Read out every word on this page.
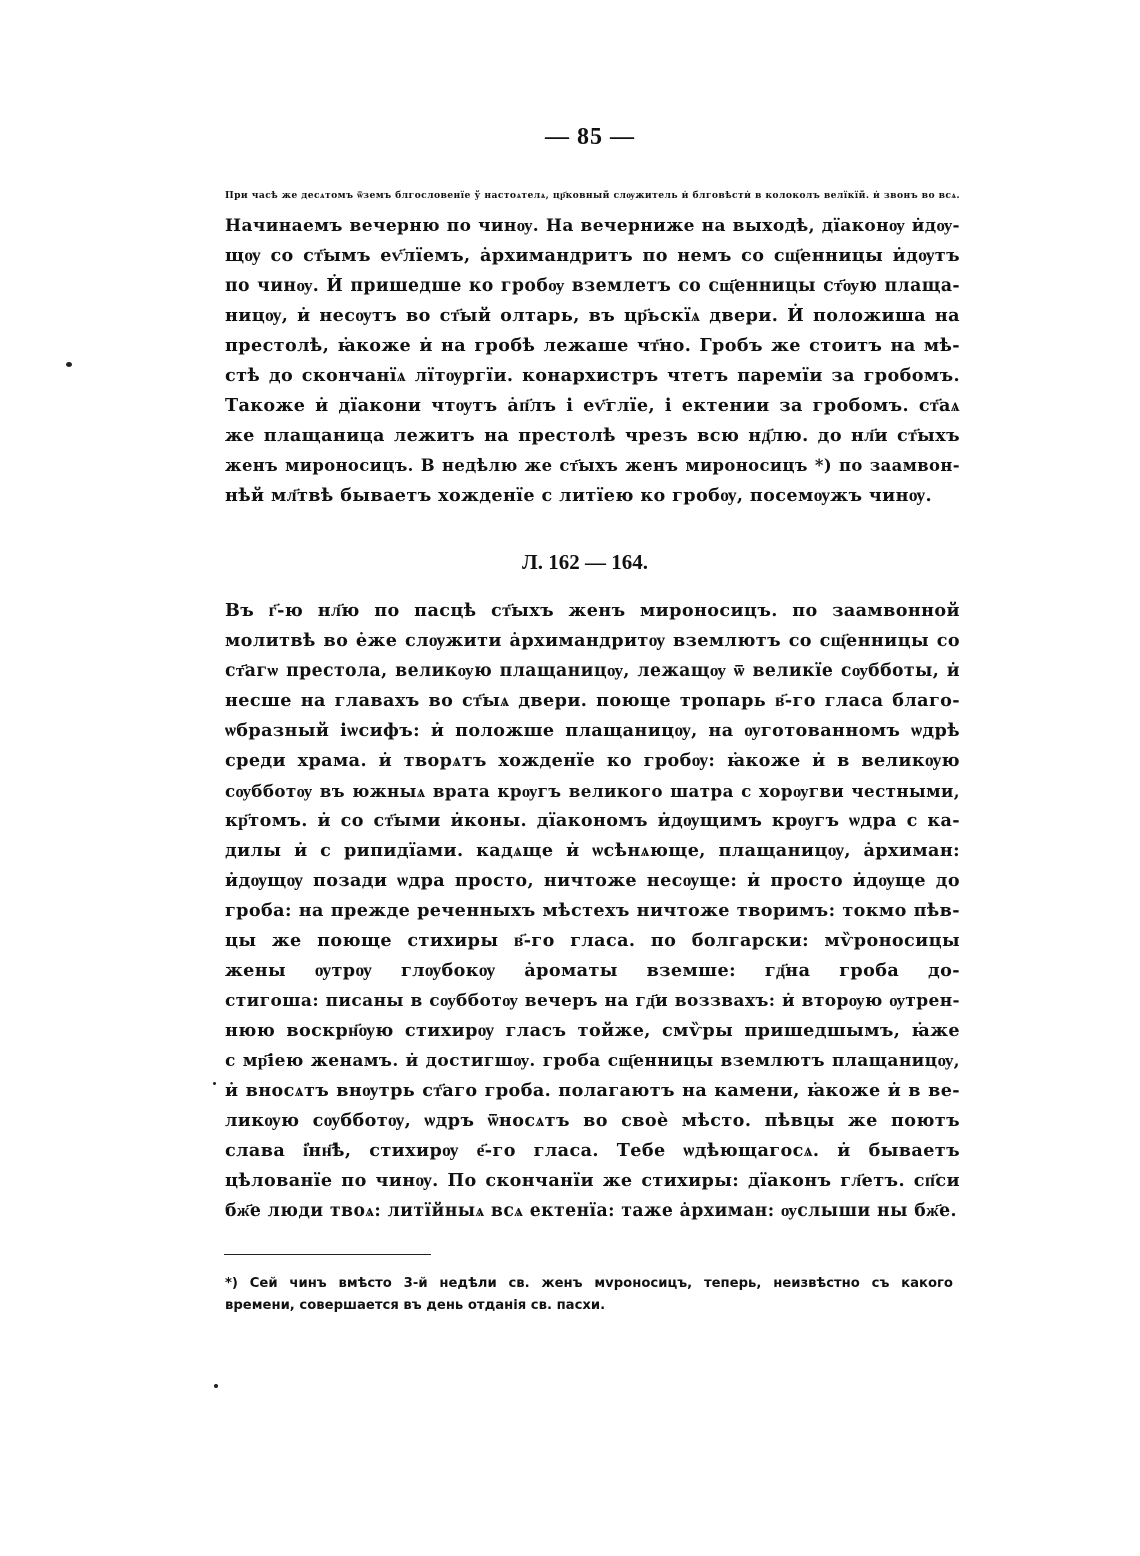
— 85 —
При часѣ же десѧтомъ ѿземъ блгословенїе ў настоѧтелѧ, цр҃ковный слѹжитель и̇ блговѣсти̇ в колоколъ велїкїй. и̇ звонъ во всѧ.
Начинаемъ вечерню по чинѹ. На вечерниже на выходѣ, дїаконѹ и̇дѹ-
щѹ со ст҃ымъ еѵ҃лїемъ, а̇рхимандритъ по немъ со сщ҃енницы и̇дѹтъ
по чинѹ. И̇ пришедше ко гробѹ вземлетъ со сщ҃енницы ст҃ѹю плаща-
ницѹ, и̇ несѹтъ во ст҃ый олтарь, въ цр҃ьскїѧ двери. И̇ положиша на
престолѣ, ꙗ̇коже и̇ на гробѣ лежаше чт҃но. Гробъ же стоитъ на мѣ-
стѣ до скончанїѧ лїтѹргїи. конархистръ чтетъ паремїи за гробомъ.
Такоже и̇ дїакони чтѹтъ а̇п҃лъ і еѵ҃глїе, і ектении за гробомъ. ст҃аѧ
же плащаница лежитъ на престолѣ чрезъ всю нд҃лю. до нл҃и ст҃ыхъ
женъ мироносицъ. В недѣлю же ст҃ыхъ женъ мироносицъ *) по заамвон-
нѣй мл҃твѣ бываетъ хожденїе с литїею ко гробѹ, посемѹжъ чинѹ.
Л. 162 — 164.
Въ г҃-ю нл҃ю по пасцѣ ст҃ыхъ женъ мироносицъ. по заамвонной
молитвѣ во е̇же слѹжити а̇рхимандритѹ вземлютъ со сщ҃енницы со
ст҃агѡ престола, великѹю плащаницѹ, лежащѹ ѿ великїе сѹбботы, и̇
несше на главахъ во ст҃ыѧ двери. поюще тропарь в҃-го гласа благо-
ѡбразный іѡсифъ: и̇ положше плащаницѹ, на ѹготованномъ ѡдрѣ
среди храма. и̇ творѧтъ хожденїе ко гробѹ: ꙗ̇коже и̇ в великѹю
сѹбботѹ въ южныѧ врата крѹгъ великого шатра с хорѹгви честными,
кр҃томъ. и̇ со ст҃ыми и̇коны. дїакономъ и̇дѹщимъ крѹгъ ѡдра с ка-
дилы и̇ с рипидїами. кадѧще и̇ ѡсѣнѧюще, плащаницѹ, а̇рхиман:
и̇дѹщѹ позади ѡдра просто, ничтоже несѹще: и̇ просто и̇дѹще до
гроба: на прежде реченныхъ мѣстехъ ничтоже творимъ: токмо пѣв-
цы же поюще стихиры в҃-го гласа. по болгарски: мѷроносицы
жены ѹтрѹ глѹбокѹ а̇роматы вземше: гд҃на гроба до-
стигоша: писаны в сѹбботѹ вечеръ на гд҃и воззвахъ: и̇ вторѹю ѹтрен-
нюю воскрн҃ѹю стихирѹ гласъ тойже, смѷры пришедшымъ, ꙗ̇же
с мр҃іею женамъ. и̇ достигшѹ. гроба сщ҃енницы вземлютъ плащаницѹ,
и̇ вносѧтъ внѹтрь ст҃аго гроба. полагаютъ на камени, ꙗ̇коже и̇ в ве-
ликѹю сѹбботѹ, ѡдръ ѿносѧтъ во своѐ мѣсто. пѣвцы же поютъ
слава і҆нн҃ѣ, стихирѹ е҃-го гласа. Тебе ѡдѣющагосѧ. и̇ бываетъ
цѣлованїе по чинѹ. По скончанїи же стихиры: дїаконъ гл҃етъ. сп҃си
бж҃е люди твоѧ: литїйныѧ всѧ ектенїа: таже а̇рхиман: ѹслыши ны бж҃е.
*) Сей чинъ вмѣсто 3-й недѣли св. женъ мvроносицъ, теперь, неизвѣстно съ какого
времени, совершается въ день отданія св. пасхи.
